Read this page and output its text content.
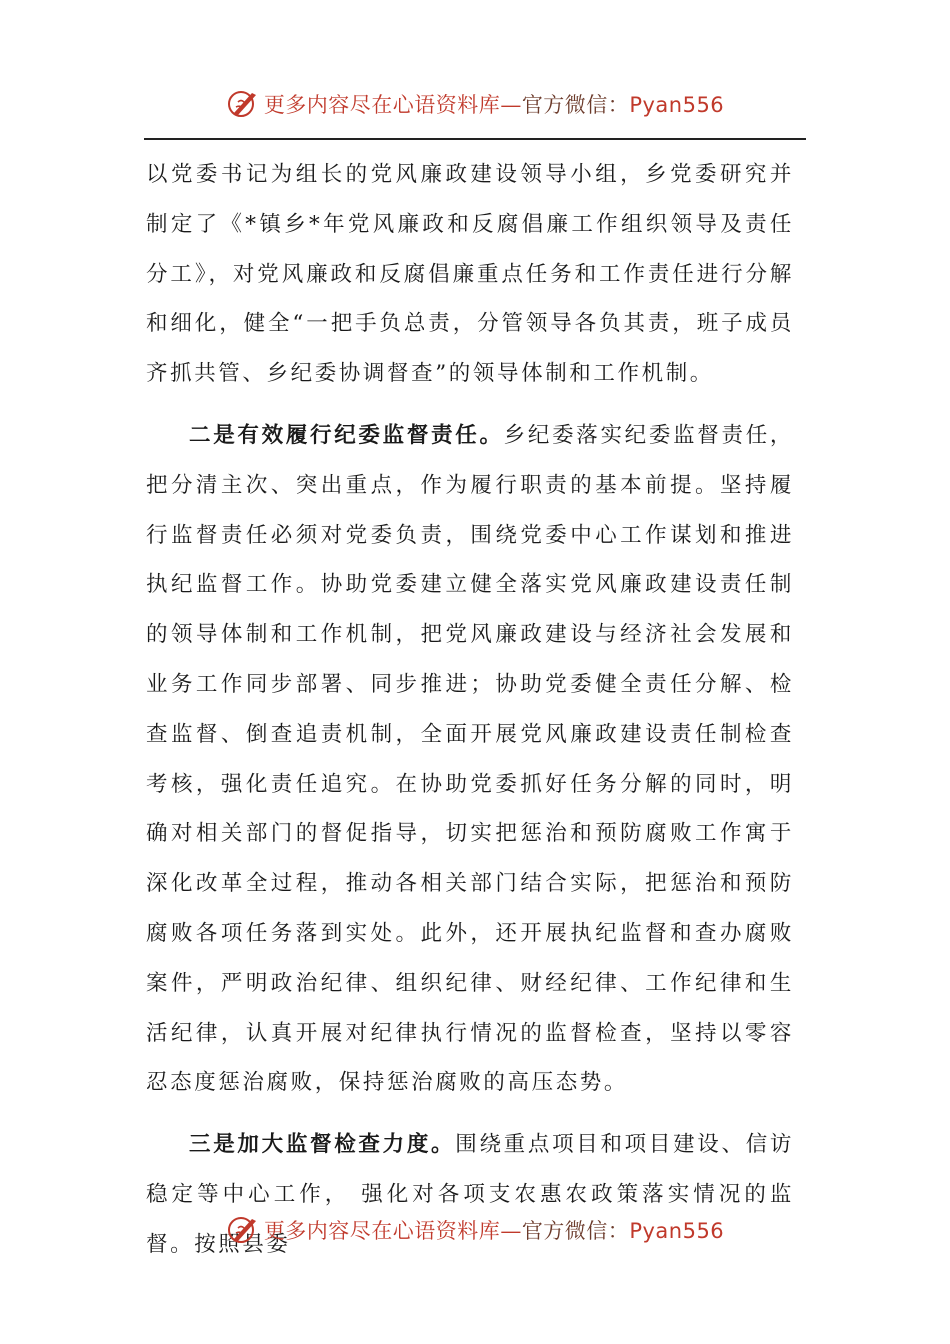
更多内容尽在心语资料库—官方微信：Pyan556

以党委书记为组长的党风廉政建设领导小组，乡党委研究并制定了《*镇乡*年党风廉政和反腐倡廉工作组织领导及责任分工》，对党风廉政和反腐倡廉重点任务和工作责任进行分解和细化，健全“一把手负总责，分管领导各负其责，班子成员齐抓共管、乡纪委协调督查”的领导体制和工作机制。

二是有效履行纪委监督责任。乡纪委落实纪委监督责任，把分清主次、突出重点，作为履行职责的基本前提。坚持履行监督责任必须对党委负责，围绕党委中心工作谋划和推进执纪监督工作。协助党委建立健全落实党风廉政建设责任制的领导体制和工作机制，把党风廉政建设与经济社会发展和业务工作同步部署、同步推进；协助党委健全责任分解、检查监督、倒查追责机制，全面开展党风廉政建设责任制检查考核，强化责任追究。在协助党委抓好任务分解的同时，明确对相关部门的督促指导，切实把惩治和预防腐败工作寓于深化改革全过程，推动各相关部门结合实际，把惩治和预防腐败各项任务落到实处。此外，还开展执纪监督和查办腐败案件，严明政治纪律、组织纪律、财经纪律、工作纪律和生活纪律，认真开展对纪律执行情况的监督检查，坚持以零容忍态度惩治腐败，保持惩治腐败的高压态势。

三是加大监督检查力度。围绕重点项目和项目建设、信访稳定等中心工作， 强化对各项支农惠农政策落实情况的监督。按照县委

更多内容尽在心语资料库—官方微信：Pyan556
